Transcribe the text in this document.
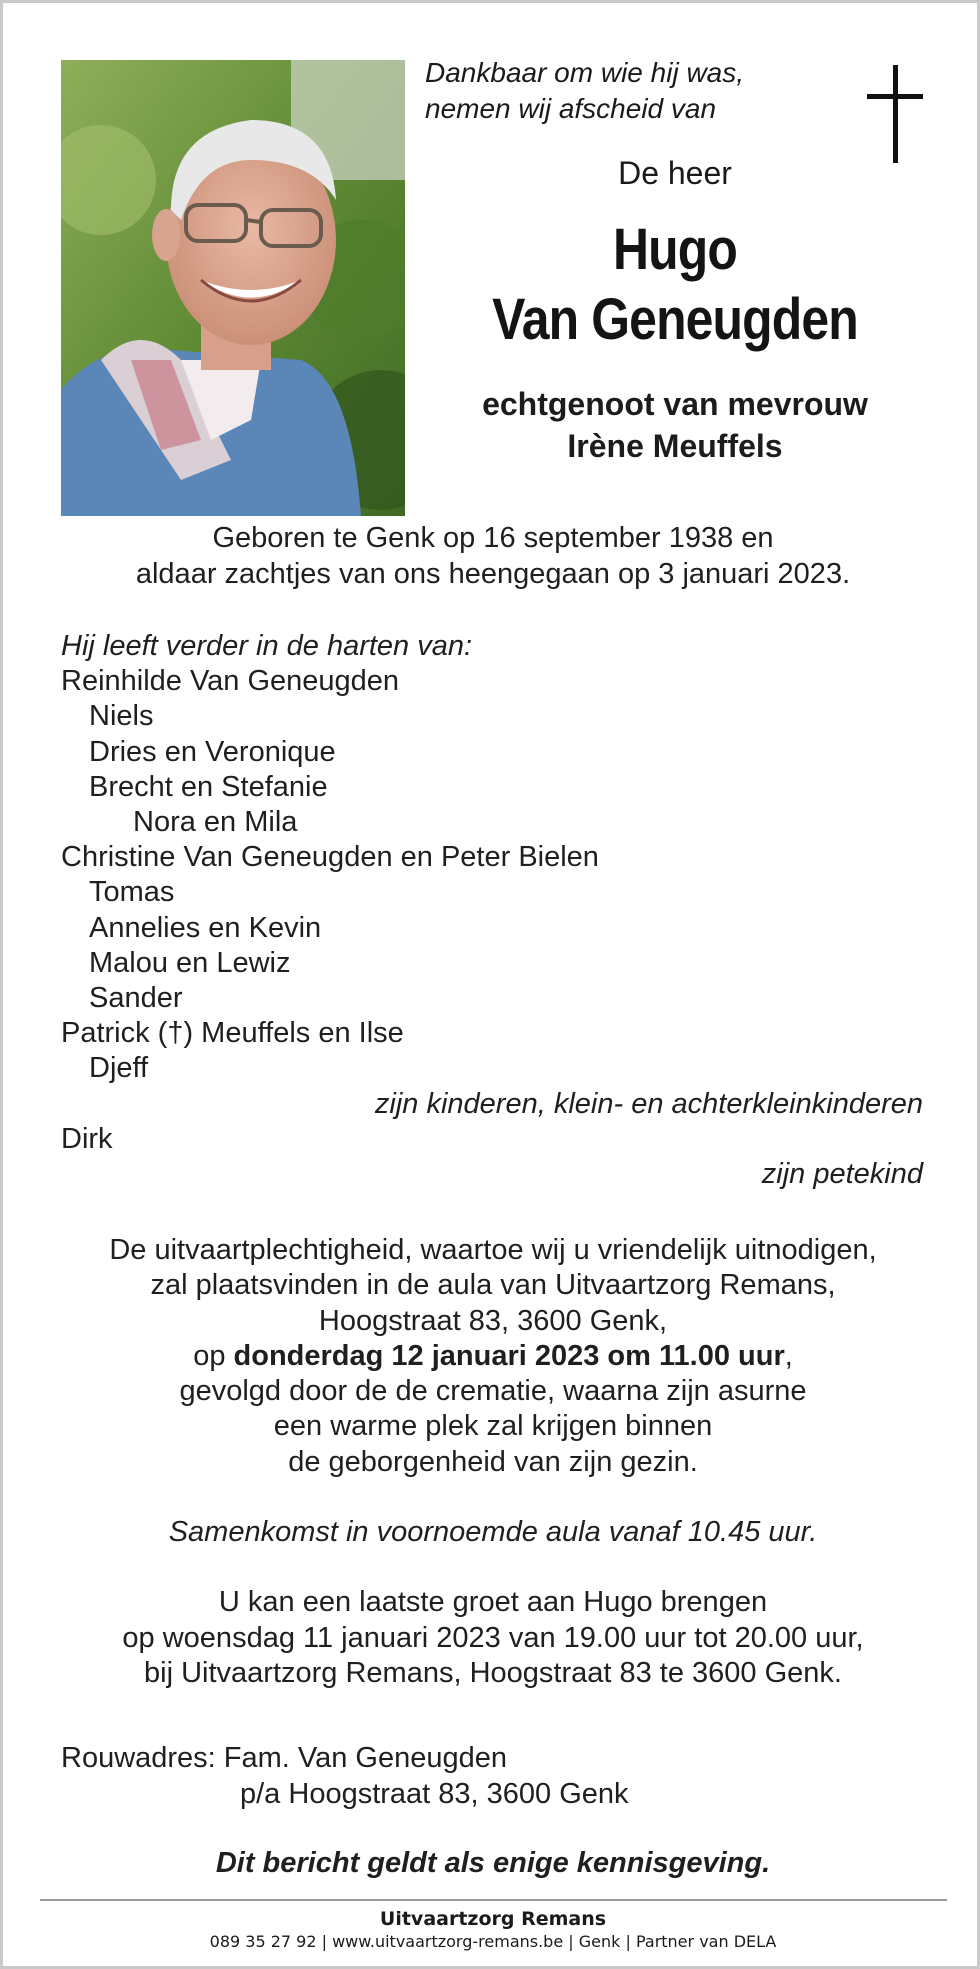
Dankbaar om wie hij was,
nemen wij afscheid van
De heer
Hugo
Van Geneugden
echtgenoot van mevrouw
Irène Meuffels
Geboren te Genk op 16 september 1938 en
aldaar zachtjes van ons heengegaan op 3 januari 2023.
Hij leeft verder in de harten van:
Reinhilde Van Geneugden
Niels
Dries en Veronique
Brecht en Stefanie
Nora en Mila
Christine Van Geneugden en Peter Bielen
Tomas
Annelies en Kevin
Malou en Lewiz
Sander
Patrick (†) Meuffels en Ilse
Djeff
zijn kinderen, klein- en achterkleinkinderen
Dirk
zijn petekind
De uitvaartplechtigheid, waartoe wij u vriendelijk uitnodigen,
zal plaatsvinden in de aula van Uitvaartzorg Remans,
Hoogstraat 83, 3600 Genk,
op donderdag 12 januari 2023 om 11.00 uur,
gevolgd door de de crematie, waarna zijn asurne
een warme plek zal krijgen binnen
de geborgenheid van zijn gezin.
Samenkomst in voornoemde aula vanaf 10.45 uur.
U kan een laatste groet aan Hugo brengen
op woensdag 11 januari 2023 van 19.00 uur tot 20.00 uur,
bij Uitvaartzorg Remans, Hoogstraat 83 te 3600 Genk.
Rouwadres: Fam. Van Geneugden
p/a Hoogstraat 83, 3600 Genk
Dit bericht geldt als enige kennisgeving.
Uitvaartzorg Remans
089 35 27 92 | www.uitvaartzorg-remans.be | Genk | Partner van DELA
